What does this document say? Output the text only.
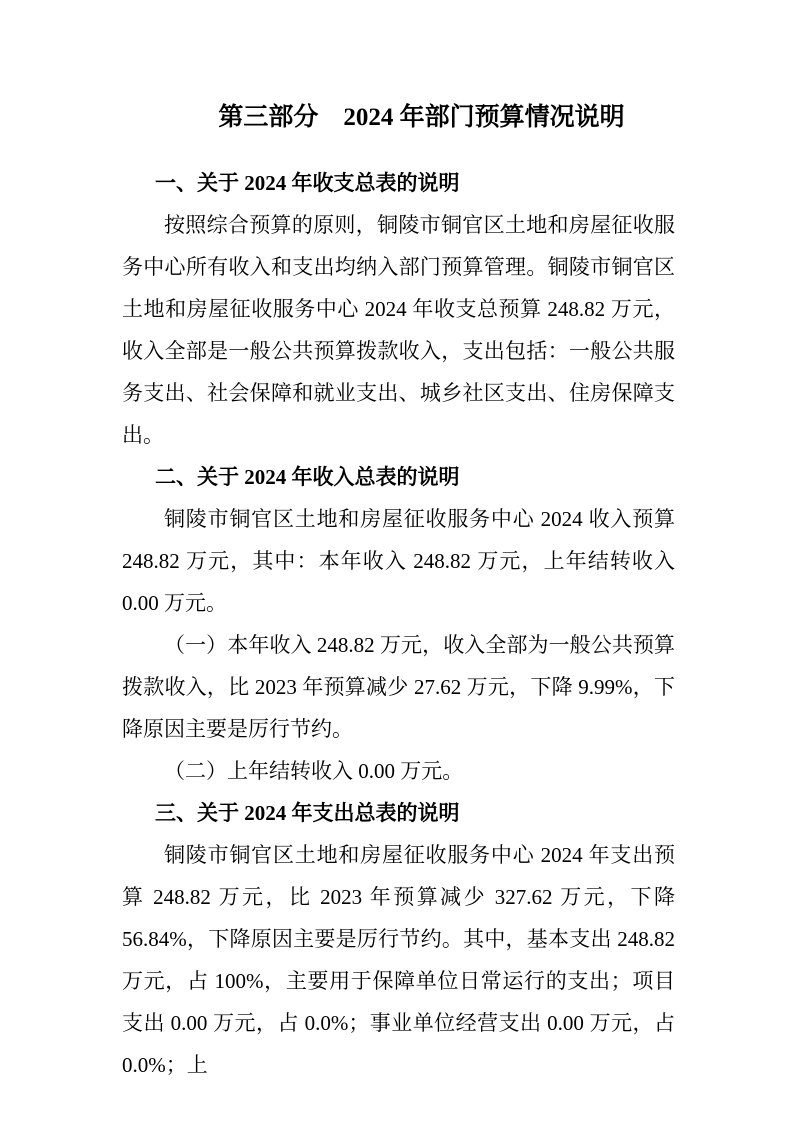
第三部分　2024 年部门预算情况说明
一、关于 2024 年收支总表的说明

按照综合预算的原则，铜陵市铜官区土地和房屋征收服务中心所有收入和支出均纳入部门预算管理。铜陵市铜官区土地和房屋征收服务中心 2024 年收支总预算 248.82 万元，收入全部是一般公共预算拨款收入，支出包括：一般公共服务支出、社会保障和就业支出、城乡社区支出、住房保障支出。

二、关于 2024 年收入总表的说明

铜陵市铜官区土地和房屋征收服务中心 2024 收入预算 248.82 万元，其中：本年收入 248.82 万元，上年结转收入 0.00 万元。

（一）本年收入 248.82 万元，收入全部为一般公共预算拨款收入，比 2023 年预算减少 27.62 万元，下降 9.99%，下降原因主要是厉行节约。

（二）上年结转收入 0.00 万元。

三、关于 2024 年支出总表的说明

铜陵市铜官区土地和房屋征收服务中心 2024 年支出预算 248.82 万元，比 2023 年预算减少 327.62 万元，下降 56.84%，下降原因主要是厉行节约。其中，基本支出 248.82 万元，占 100%，主要用于保障单位日常运行的支出；项目支出 0.00 万元，占 0.0%；事业单位经营支出 0.00 万元，占 0.0%；上
